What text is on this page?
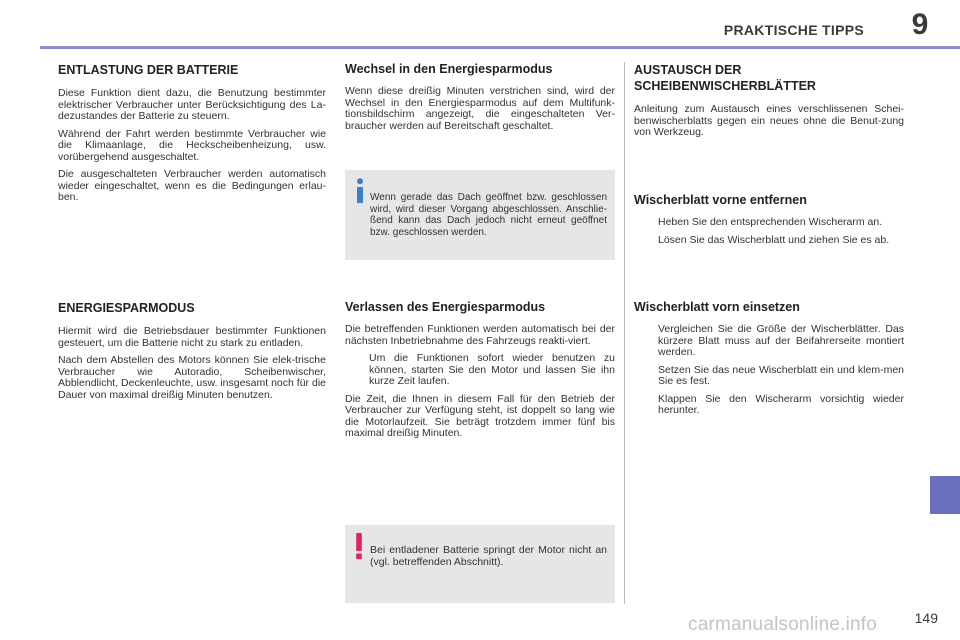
PRAKTISCHE TIPPS	9
ENTLASTUNG DER BATTERIE

Diese Funktion dient dazu, die Benutzung bestimmter elektrischer Verbraucher unter Berücksichtigung des La-dezustandes der Batterie zu steuern.

Während der Fahrt werden bestimmte Verbraucher wie die Klimaanlage, die Heckscheibenheizung, usw. vorübergehend ausgeschaltet.

Die ausgeschalteten Verbraucher werden automatisch wieder eingeschaltet, wenn es die Bedingungen erlau-ben.

ENERGIESPARMODUS

Hiermit wird die Betriebsdauer bestimmter Funktionen gesteuert, um die Batterie nicht zu stark zu entladen.

Nach dem Abstellen des Motors können Sie elek-trische Verbraucher wie Autoradio, Scheibenwischer, Abblendlicht, Deckenleuchte, usw. insgesamt noch für die Dauer von maximal dreißig Minuten benutzen.

Wechsel in den Energiesparmodus

Wenn diese dreißig Minuten verstrichen sind, wird der Wechsel in den Energiesparmodus auf dem Multifunk-tionsbildschirm angezeigt, die eingeschalteten Ver-braucher werden auf Bereitschaft geschaltet.

Wenn gerade das Dach geöffnet bzw. geschlossen wird, wird dieser Vorgang abgeschlossen. Anschlie-ßend kann das Dach jedoch nicht erneut geöffnet bzw. geschlossen werden.
Verlassen des Energiesparmodus

Die betreffenden Funktionen werden automatisch bei der nächsten Inbetriebnahme des Fahrzeugs reakti-viert.

Um die Funktionen sofort wieder benutzen zu können, starten Sie den Motor und lassen Sie ihn kurze Zeit laufen.

Die Zeit, die Ihnen in diesem Fall für den Betrieb der Verbraucher zur Verfügung steht, ist doppelt so lang wie die Motorlaufzeit. Sie beträgt trotzdem immer fünf bis maximal dreißig Minuten.

Bei entladener Batterie springt der Motor nicht an (vgl. betreffenden Abschnitt).
AUSTAUSCH DER SCHEIBENWISCHERBLÄTTER

Anleitung zum Austausch eines verschlissenen Schei-benwischerblatts gegen ein neues ohne die Benut-zung von Werkzeug.

Wischerblatt vorne entfernen
Heben Sie den entsprechenden Wischerarm an.
Lösen Sie das Wischerblatt und ziehen Sie es ab.
Wischerblatt vorn einsetzen
Vergleichen Sie die Größe der Wischerblätter. Das kürzere Blatt muss auf der Beifahrerseite montiert werden.
Setzen Sie das neue Wischerblatt ein und klem-men Sie es fest.
Klappen Sie den Wischerarm vorsichtig wieder herunter.
149
carmanualsonline.info
